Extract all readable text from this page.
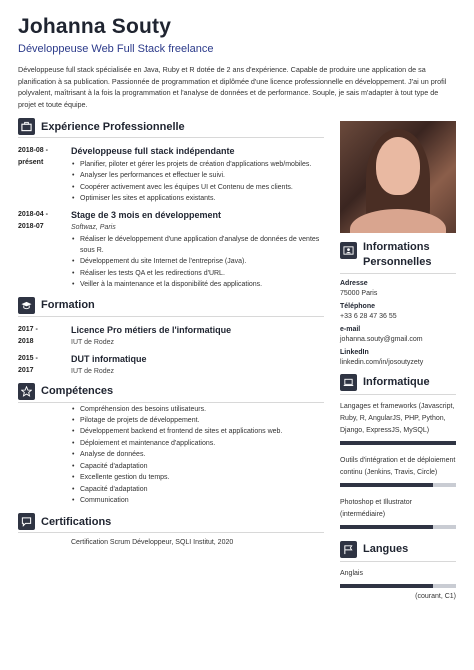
Johanna Souty
Développeuse Web Full Stack freelance
Développeuse full stack spécialisée en Java, Ruby et R dotée de 2 ans d'expérience. Capable de produire une application de sa planification à sa publication. Passionnée de programmation et diplômée d'une licence professionnelle en développement. J'ai un profil polyvalent, maîtrisant à la fois la programmation et l'analyse de données et de performance. Souple, je sais m'adapter à tout type de projet et toute équipe.
Expérience Professionnelle
2018-08 - présent
Développeuse full stack indépendante
• Planifier, piloter et gérer les projets de création d'applications web/mobiles.
• Analyser les performances et effectuer le suivi.
• Coopérer activement avec les équipes UI et Contenu de mes clients.
• Optimiser les sites et applications existants.
2018-04 - 2018-07
Stage de 3 mois en développement
Softwaz, Paris
• Réaliser le développement d'une application d'analyse de données de ventes sous R.
• Développement du site Internet de l'entreprise (Java).
• Réaliser les tests QA et les redirections d'URL.
• Veiller à la maintenance et la disponibilité des applications.
Formation
2017 - 2018
Licence Pro métiers de l'informatique
IUT de Rodez
2015 - 2017
DUT informatique
IUT de Rodez
Compétences
• Compréhension des besoins utilisateurs.
• Pilotage de projets de développement.
• Développement backend et frontend de sites et applications web.
• Déploiement et maintenance d'applications.
• Analyse de données.
• Capacité d'adaptation
• Excellente gestion du temps.
• Capacité d'adaptation
• Communication
Certifications
Certification Scrum Développeur, SQLI Institut, 2020
Informations Personnelles
Adresse
75000 Paris
Téléphone
+33 6 28 47 36 55
e-mail
johanna.souty@gmail.com
LinkedIn
linkedin.com/in/josoutyzety
Informatique
Langages et frameworks (Javascript, Ruby, R, AngularJS, PHP, Python, Django, ExpressJS, MySQL)
Outils d'intégration et de déploiement continu (Jenkins, Travis, Circle)
Photoshop et Illustrator (intermédiaire)
Langues
Anglais
(courant, C1)
